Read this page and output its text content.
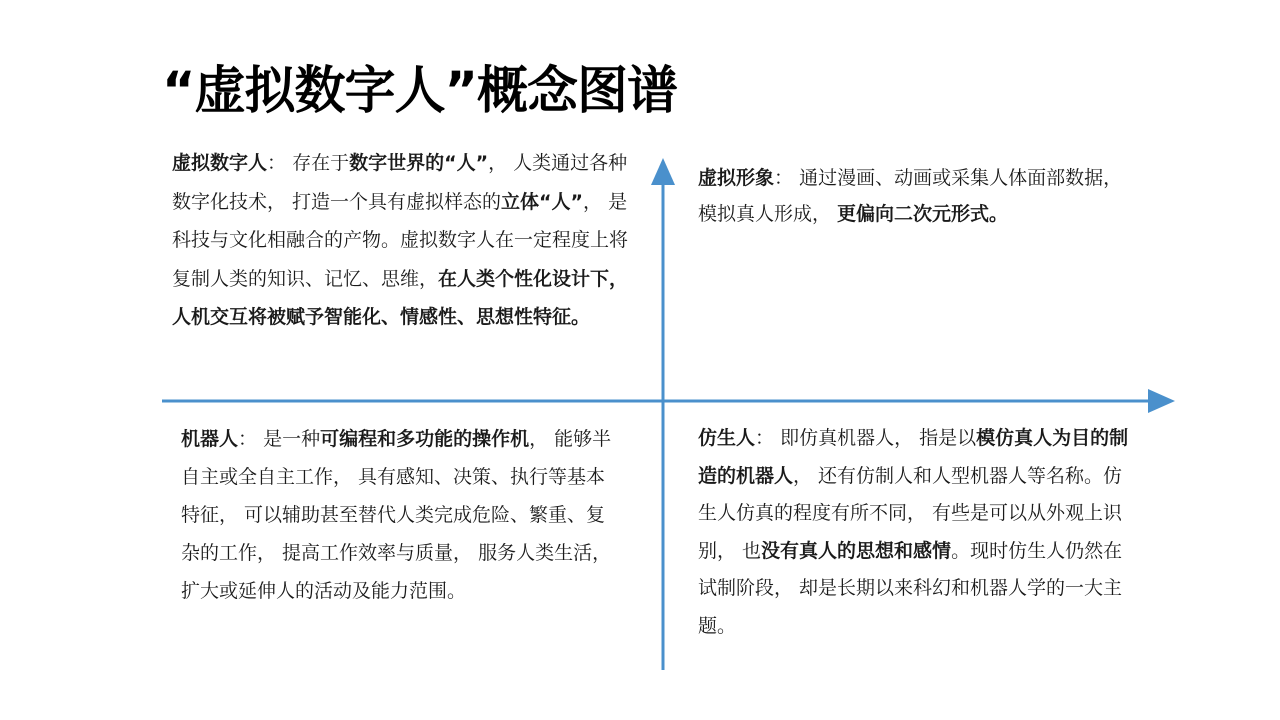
“虚拟数字人”概念图谱
虚拟数字人： 存在于数字世界的“人”， 人类通过各种数字化技术， 打造一个具有虚拟样态的立体“人”， 是科技与文化相融合的产物。虚拟数字人在一定程度上将复制人类的知识、记忆、思维，在人类个性化设计下， 人机交互将被赋予智能化、情感性、思想性特征。
虚拟形象： 通过漫画、动画或采集人体面部数据， 模拟真人形成， 更偏向二次元形式。
机器人： 是一种可编程和多功能的操作机， 能够半自主或全自主工作， 具有感知、决策、执行等基本特征， 可以辅助甚至替代人类完成危险、繁重、复杂的工作， 提高工作效率与质量， 服务人类生活， 扩大或延伸人的活动及能力范围。
仿生人： 即仿真机器人， 指是以模仿真人为目的制造的机器人， 还有仿制人和人型机器人等名称。仿生人仿真的程度有所不同， 有些是可以从外观上识别， 也没有真人的思想和感情。现时仿生人仍然在试制阶段， 却是长期以来科幻和机器人学的一大主题。
